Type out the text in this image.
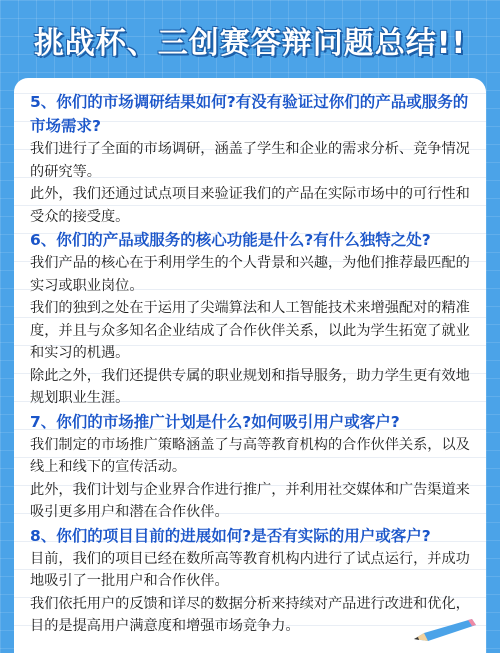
挑战杯、三创赛答辩问题总结!!
5、你们的市场调研结果如何?有没有验证过你们的产品或服务的市场需求?

我们进行了全面的市场调研，涵盖了学生和企业的需求分析、竞争情况的研究等。

此外，我们还通过试点项目来验证我们的产品在实际市场中的可行性和受众的接受度。

6、你们的产品或服务的核心功能是什么?有什么独特之处?

我们产品的核心在于利用学生的个人背景和兴趣，为他们推荐最匹配的实习或职业岗位。

我们的独到之处在于运用了尖端算法和人工智能技术来增强配对的精准度，并且与众多知名企业结成了合作伙伴关系，以此为学生拓宽了就业和实习的机遇。

除此之外，我们还提供专属的职业规划和指导服务，助力学生更有效地规划职业生涯。

7、你们的市场推广计划是什么?如何吸引用户或客户?

我们制定的市场推广策略涵盖了与高等教育机构的合作伙伴关系，以及线上和线下的宣传活动。

此外，我们计划与企业界合作进行推广，并利用社交媒体和广告渠道来吸引更多用户和潜在合作伙伴。

8、你们的项目目前的进展如何?是否有实际的用户或客户?

目前，我们的项目已经在数所高等教育机构内进行了试点运行，并成功地吸引了一批用户和合作伙伴。

我们依托用户的反馈和详尽的数据分析来持续对产品进行改进和优化，目的是提高用户满意度和增强市场竞争力。
